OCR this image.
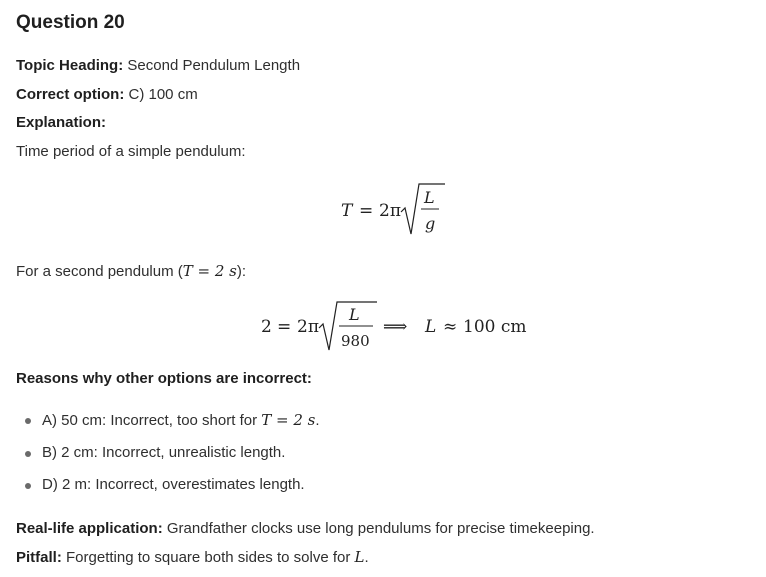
Question 20
Topic Heading: Second Pendulum Length
Correct option: C) 100 cm
Explanation:
Time period of a simple pendulum:
T = 2π
L
g
For a second pendulum (T = 2 s):
2 = 2π
L
980
⟹ L ≈ 100 cm
Reasons why other options are incorrect:
A) 50 cm: Incorrect, too short for T = 2 s.
B) 2 cm: Incorrect, unrealistic length.
D) 2 m: Incorrect, overestimates length.
Real-life application: Grandfather clocks use long pendulums for precise timekeeping.
Pitfall: Forgetting to square both sides to solve for L.
